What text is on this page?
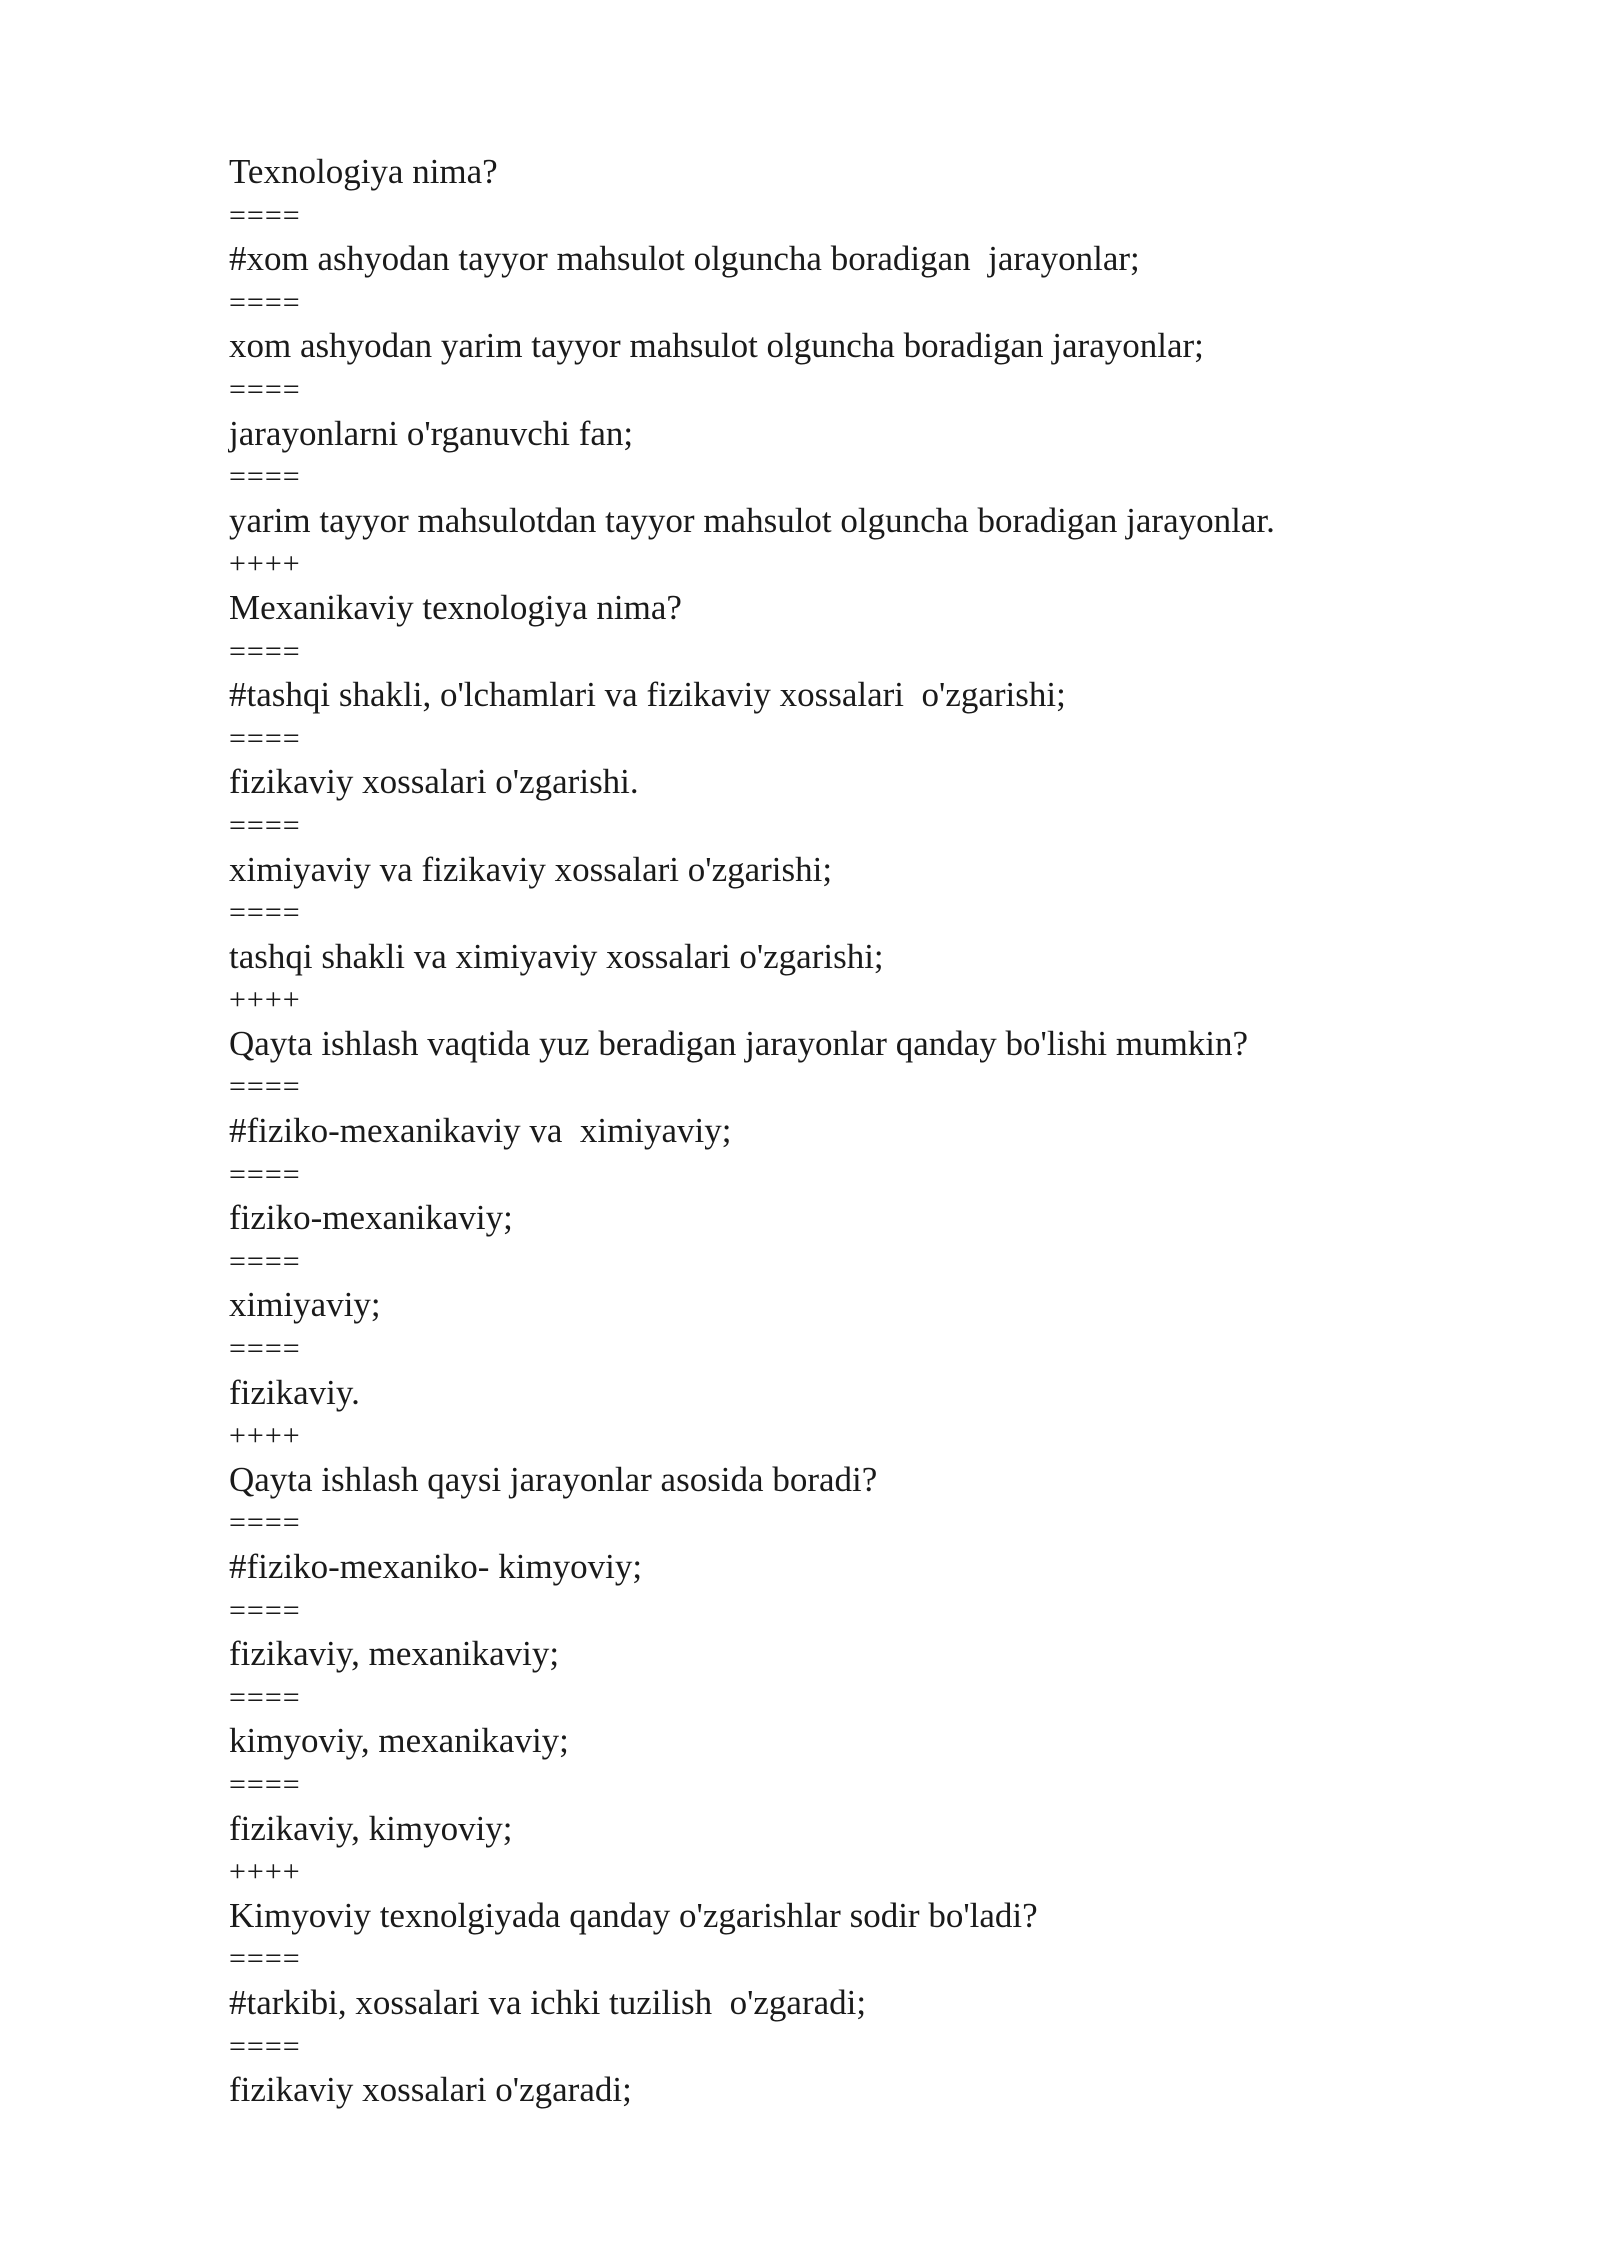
Texnologiya nima?
====
#xom ashyodan tayyor mahsulot olguncha boradigan  jarayonlar;
====
xom ashyodan yarim tayyor mahsulot olguncha boradigan jarayonlar;
====
jarayonlarni o'rganuvchi fan;
====
yarim tayyor mahsulotdan tayyor mahsulot olguncha boradigan jarayonlar.
++++
Mexanikaviy texnologiya nima?
====
#tashqi shakli, o'lchamlari va fizikaviy xossalari  o'zgarishi;
====
fizikaviy xossalari o'zgarishi.
====
ximiyaviy va fizikaviy xossalari o'zgarishi;
====
tashqi shakli va ximiyaviy xossalari o'zgarishi;
++++
Qayta ishlash vaqtida yuz beradigan jarayonlar qanday bo'lishi mumkin?
====
#fiziko-mexanikaviy va  ximiyaviy;
====
fiziko-mexanikaviy;
====
ximiyaviy;
====
fizikaviy.
++++
Qayta ishlash qaysi jarayonlar asosida boradi?
====
#fiziko-mexaniko- kimyoviy;
====
fizikaviy, mexanikaviy;
====
kimyoviy, mexanikaviy;
====
fizikaviy, kimyoviy;
++++
Kimyoviy texnolgiyada qanday o'zgarishlar sodir bo'ladi?
====
#tarkibi, xossalari va ichki tuzilish  o'zgaradi;
====
fizikaviy xossalari o'zgaradi;
